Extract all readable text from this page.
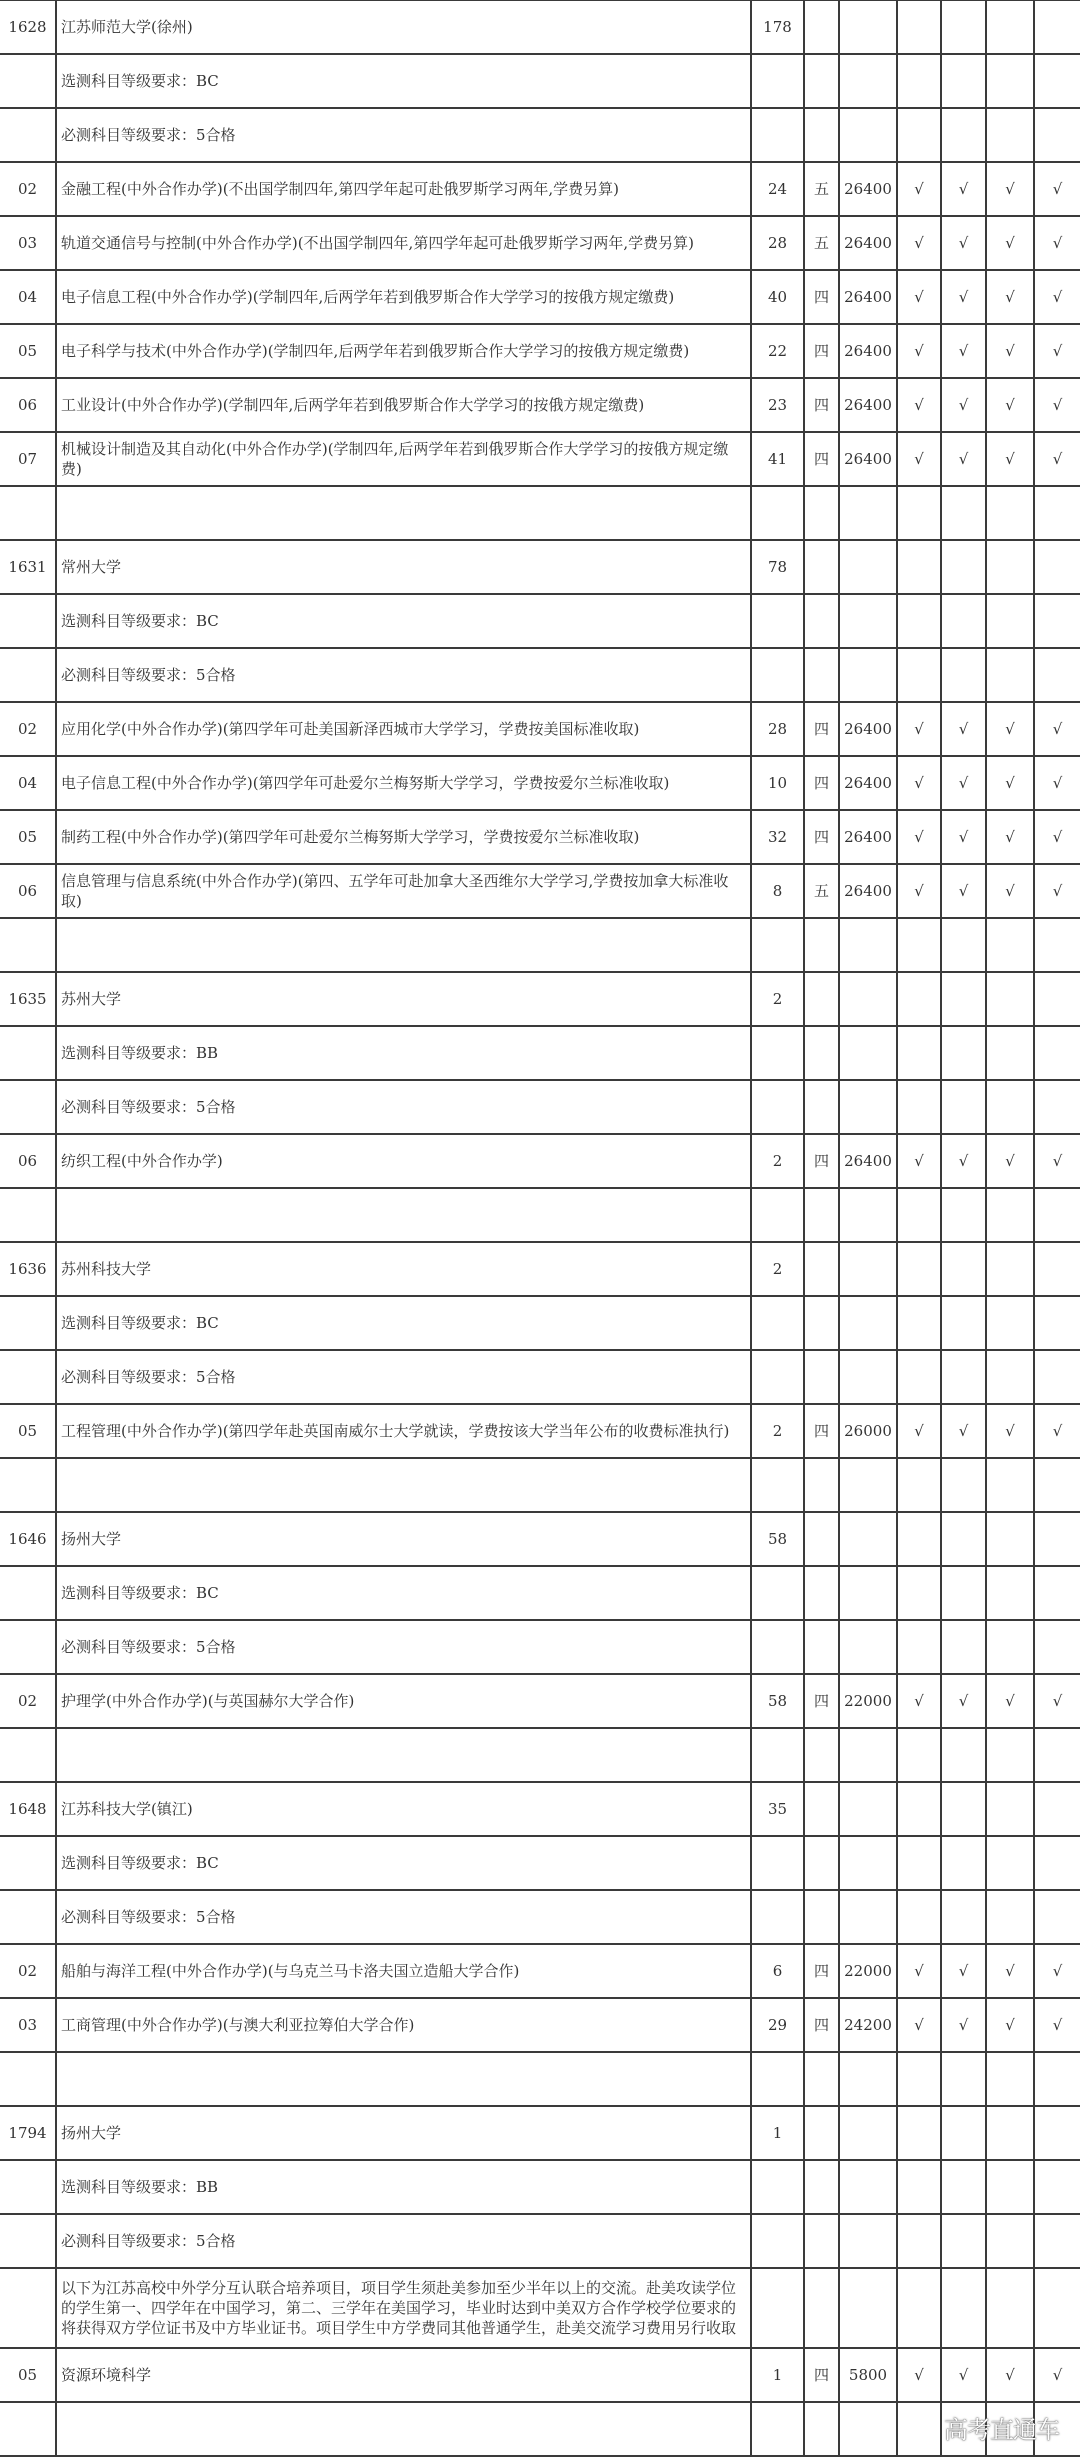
1628	江苏师范大学(徐州)	178						
	选测科目等级要求：BC							
	必测科目等级要求：5合格							
02	金融工程(中外合作办学)(不出国学制四年,第四学年起可赴俄罗斯学习两年,学费另算)	24	五	26400	√	√	√	√
03	轨道交通信号与控制(中外合作办学)(不出国学制四年,第四学年起可赴俄罗斯学习两年,学费另算)	28	五	26400	√	√	√	√
04	电子信息工程(中外合作办学)(学制四年,后两学年若到俄罗斯合作大学学习的按俄方规定缴费)	40	四	26400	√	√	√	√
05	电子科学与技术(中外合作办学)(学制四年,后两学年若到俄罗斯合作大学学习的按俄方规定缴费)	22	四	26400	√	√	√	√
06	工业设计(中外合作办学)(学制四年,后两学年若到俄罗斯合作大学学习的按俄方规定缴费)	23	四	26400	√	√	√	√
07	机械设计制造及其自动化(中外合作办学)(学制四年,后两学年若到俄罗斯合作大学学习的按俄方规定缴费)	41	四	26400	√	√	√	√

1631	常州大学	78						
	选测科目等级要求：BC							
	必测科目等级要求：5合格							
02	应用化学(中外合作办学)(第四学年可赴美国新泽西城市大学学习，学费按美国标准收取)	28	四	26400	√	√	√	√
04	电子信息工程(中外合作办学)(第四学年可赴爱尔兰梅努斯大学学习，学费按爱尔兰标准收取)	10	四	26400	√	√	√	√
05	制药工程(中外合作办学)(第四学年可赴爱尔兰梅努斯大学学习，学费按爱尔兰标准收取)	32	四	26400	√	√	√	√
06	信息管理与信息系统(中外合作办学)(第四、五学年可赴加拿大圣西维尔大学学习,学费按加拿大标准收取)	8	五	26400	√	√	√	√

1635	苏州大学	2						
	选测科目等级要求：BB							
	必测科目等级要求：5合格							
06	纺织工程(中外合作办学)	2	四	26400	√	√	√	√

1636	苏州科技大学	2						
	选测科目等级要求：BC							
	必测科目等级要求：5合格							
05	工程管理(中外合作办学)(第四学年赴英国南威尔士大学就读，学费按该大学当年公布的收费标准执行)	2	四	26000	√	√	√	√

1646	扬州大学	58						
	选测科目等级要求：BC							
	必测科目等级要求：5合格							
02	护理学(中外合作办学)(与英国赫尔大学合作)	58	四	22000	√	√	√	√

1648	江苏科技大学(镇江)	35						
	选测科目等级要求：BC							
	必测科目等级要求：5合格							
02	船舶与海洋工程(中外合作办学)(与乌克兰马卡洛夫国立造船大学合作)	6	四	22000	√	√	√	√
03	工商管理(中外合作办学)(与澳大利亚拉筹伯大学合作)	29	四	24200	√	√	√	√

1794	扬州大学	1						
	选测科目等级要求：BB							
	必测科目等级要求：5合格							
	以下为江苏高校中外学分互认联合培养项目，项目学生须赴美参加至少半年以上的交流。赴美攻读学位的学生第一、四学年在中国学习，第二、三学年在美国学习，毕业时达到中美双方合作学校学位要求的将获得双方学位证书及中方毕业证书。项目学生中方学费同其他普通学生，赴美交流学习费用另行收取							
05	资源环境科学	1	四	5800	√	√	√	√

高考直通车
